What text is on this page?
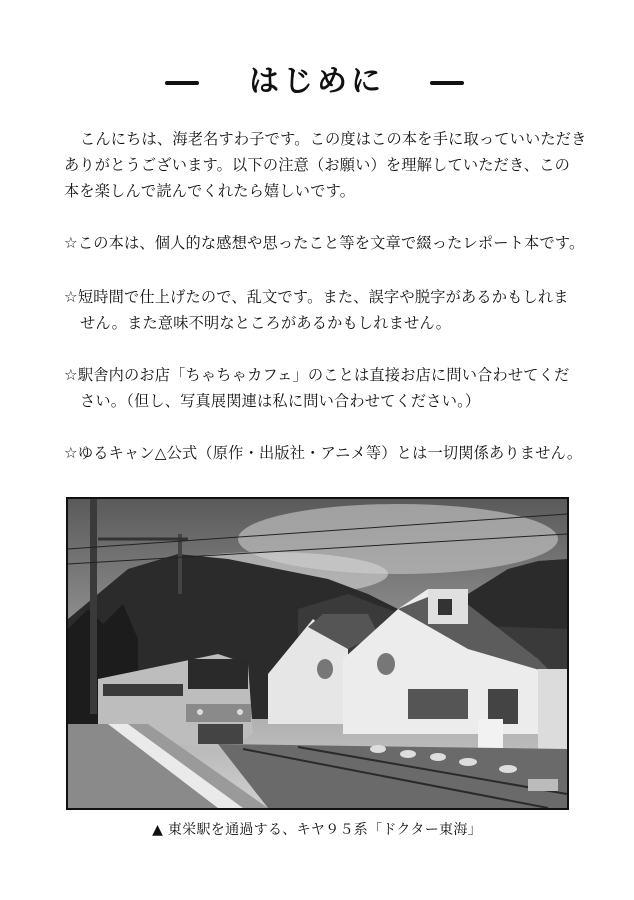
はじめに
こんにちは、海老名すわ子です。この度はこの本を手に取っていいただき
ありがとうございます。以下の注意（お願い）を理解していただき、この
本を楽しんで読んでくれたら嬉しいです。
☆この本は、個人的な感想や思ったこと等を文章で綴ったレポート本です。
☆短時間で仕上げたので、乱文です。また、誤字や脱字があるかもしれま
せん。また意味不明なところがあるかもしれません。
☆駅舎内のお店「ちゃちゃカフェ」のことは直接お店に問い合わせてくだ
さい。（但し、写真展関連は私に問い合わせてください。）
☆ゆるキャン△公式（原作・出版社・アニメ等）とは一切関係ありません。
▲ 東栄駅を通過する、キヤ９５系「ドクター東海」
